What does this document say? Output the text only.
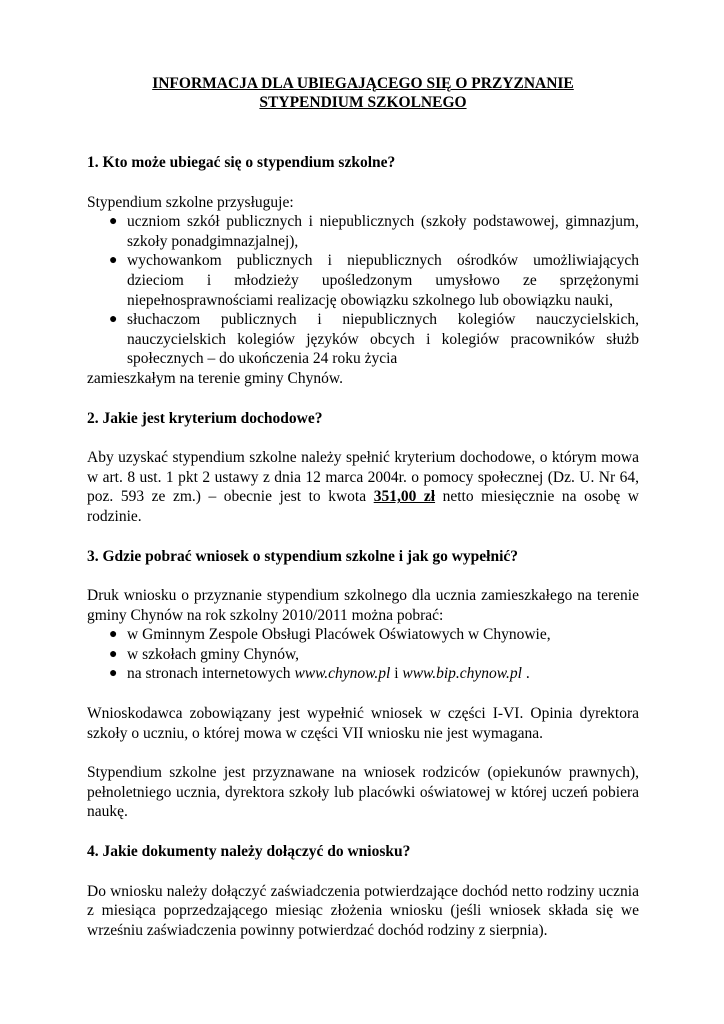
INFORMACJA DLA UBIEGAJĄCEGO SIĘ O PRZYZNANIE

STYPENDIUM SZKOLNEGO

1. Kto może ubiegać się o stypendium szkolne?

Stypendium szkolne przysługuje:

● uczniom szkół publicznych i niepublicznych (szkoły podstawowej, gimnazjum, szkoły ponadgimnazjalnej),
● wychowankom publicznych i niepublicznych ośrodków umożliwiających dzieciom i młodzieży upośledzonym umysłowo ze sprzężonymi niepełnosprawnościami realizację obowiązku szkolnego lub obowiązku nauki,
● słuchaczom publicznych i niepublicznych kolegiów nauczycielskich, nauczycielskich kolegiów języków obcych i kolegiów pracowników służb społecznych – do ukończenia 24 roku życia

zamieszkałym na terenie gminy Chynów.

2. Jakie jest kryterium dochodowe?

Aby uzyskać stypendium szkolne należy spełnić kryterium dochodowe, o którym mowa w art. 8 ust. 1 pkt 2 ustawy z dnia 12 marca 2004r. o pomocy społecznej (Dz. U. Nr 64, poz. 593 ze zm.) – obecnie jest to kwota 351,00 zł netto miesięcznie na osobę w rodzinie.

3. Gdzie pobrać wniosek o stypendium szkolne i jak go wypełnić?

Druk wniosku o przyznanie stypendium szkolnego dla ucznia zamieszkałego na terenie gminy Chynów na rok szkolny 2010/2011 można pobrać:

● w Gminnym Zespole Obsługi Placówek Oświatowych w Chynowie,
● w szkołach gminy Chynów,
● na stronach internetowych www.chynow.pl i www.bip.chynow.pl .

Wnioskodawca zobowiązany jest wypełnić wniosek w części I-VI. Opinia dyrektora szkoły o uczniu, o której mowa w części VII wniosku nie jest wymagana.

Stypendium szkolne jest przyznawane na wniosek rodziców (opiekunów prawnych), pełnoletniego ucznia, dyrektora szkoły lub placówki oświatowej w której uczeń pobiera naukę.

4. Jakie dokumenty należy dołączyć do wniosku?

Do wniosku należy dołączyć zaświadczenia potwierdzające dochód netto rodziny ucznia z miesiąca poprzedzającego miesiąc złożenia wniosku (jeśli wniosek składa się we wrześniu zaświadczenia powinny potwierdzać dochód rodziny z sierpnia).
